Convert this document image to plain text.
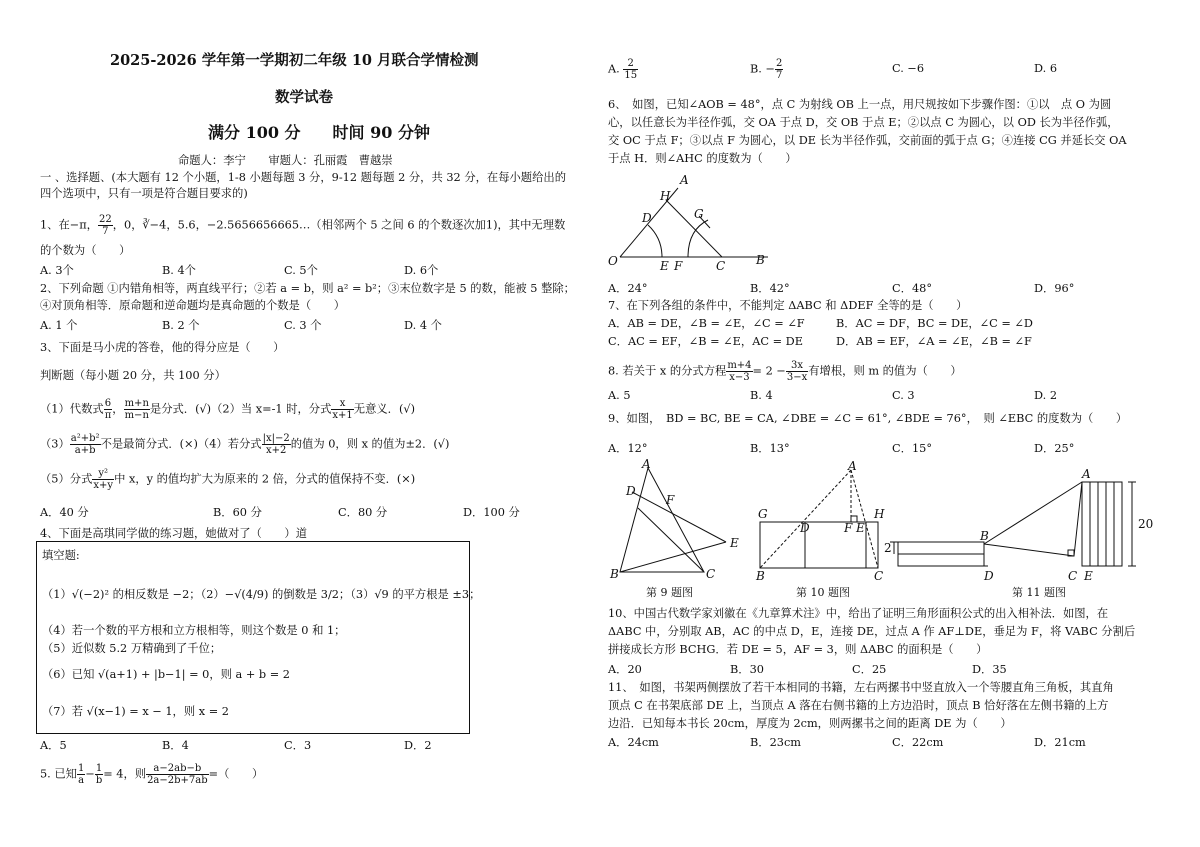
2025-2026 学年第一学期初二年级 10 月联合学情检测
数学试卷
满分 100 分　　时间 90 分钟
命题人：李宁　　审题人：孔丽霞　曹越崇
一 、选择题、(本大题有 12 个小题，1-8 小题每题 3 分，9-12 题每题 2 分，共 32 分，在每小题给出的
四个选项中，只有一项是符合题目要求的)
1、在−π， $\frac{22}{7}$ ，0，∛−4，5.6，−2.5656656665…（相邻两个 5 之间 6 的个数逐次加1)，其中无理数
的个数为（　　）
A. 3个	B. 4个	C. 5个	D. 6个
2、下列命题 ①内错角相等，两直线平行；②若 a = b，则 a² = b²；③末位数字是 5 的数，能被 5 整除；
④对顶角相等．原命题和逆命题均是真命题的个数是（　　）
A. 1 个	B. 2 个	C. 3 个	D. 4 个
3、下面是马小虎的答卷，他的得分应是（　　）
判断题（每小题 20 分，共 100 分）
（1）代数式 $\frac{6}{\pi}$ ， $\frac{m+n}{m-n}$ 是分式．(√)（2）当 x=-1 时，分式 $\frac{x}{x+1}$ 无意义．(√)
$(3) \frac{\text{a²+b²}}{a+b}$ 不是最简分式．(×)（4）若分式 $\frac{|x|-2}{x+2}$ 的值为 0，则 x 的值为±2．(√)
（5）分式 $\frac{\text{y²}}{x+y}$ 中 x，y 的值均扩大为原来的 2 倍，分式的值保持不变．(×)
A．40 分	B．60 分	C．80 分	D．100 分
4、下面是高琪同学做的练习题，她做对了（　　）道
填空题:
（1）√(−2)² 的相反数是 −2；（2）−√(4/9) 的倒数是 3/2；（3）√9 的平方根是 ±3；
（4）若一个数的平方根和立方根相等，则这个数是 0 和 1；
（5）近似数 5.2 万精确到了千位；
（6）已知 √(a+1) + |b−1| = 0，则 a + b = 2
（7）若 √(x−1) = x − 1，则 x = 2
A．5	B．4	C．3	D．2
5. 已知 $\frac{1}{a} - \frac{1}{b} = 4$，则 $\frac{a-2ab-b}{2a-2b+7ab}$ =（　　）
A. $\frac{2}{15}$	B. − $\frac{2}{7}$	C. −6	D. 6
6、　如图，已知∠AOB = 48°，点 C 为射线 OB 上一点，用尺规按如下步骤作图：①以　点 O 为圆
心，以任意长为半径作弧，交 OA 于点 D，交 OB 于点 E；②以点 C 为圆心，以 OD 长为半径作弧，
交 OC 于点 F；③以点 F 为圆心，以 DE 长为半径作弧，交前面的弧于点 G；④连接 CG 并延长交 OA
于点 H．则∠AHC 的度数为（　　）
A
H
D	G
O	E F	C	B
A．24°	B．42°	C．48°	D．96°
7、在下列各组的条件中，不能判定 ΔABC 和 ΔDEF 全等的是（　　）
A．AB = DE，∠B = ∠E，∠C = ∠F	B．AC = DF，BC = DE，∠C = ∠D
C．AC = EF，∠B = ∠E，AC = DE	D．AB = EF，∠A = ∠E，∠B = ∠F
8. 若关于 x 的分式方程 $\frac{m+4}{x-3} = 2 - \frac{3x}{3-x}$ 有增根，则 m 的值为（　　）
A. 5	B. 4	C. 3	D. 2
9、如图，　BD = BC, BE = CA, ∠DBE = ∠C = 61°, ∠BDE = 76°，　则 ∠EBC 的度数为（　　）
A．12°	B．13°	C．15°	D．25°
A
D
F
E
B	C
A
G
D	F E
H
B	C
A
B
D	C E
2
20
第 9 题图	第 10 题图	第 11 题图
10、中国古代数学家刘徽在《九章算术注》中，给出了证明三角形面积公式的出入相补法．如图，在
ΔABC 中，分别取 AB，AC 的中点 D，E，连接 DE，过点 A 作 AF⊥DE，垂足为 F，将 VABC 分割后
拼接成长方形 BCHG．若 DE = 5，AF = 3，则 ΔABC 的面积是（　　）
A．20	B．30	C．25	D．35
11、　如图，书架两侧摆放了若干本相同的书籍，左右两摞书中竖直放入一个等腰直角三角板，其直角
顶点 C 在书架底部 DE 上，当顶点 A 落在右侧书籍的上方边沿时，顶点 B 恰好落在左侧书籍的上方
边沿．已知每本书长 20cm，厚度为 2cm，则两摞书之间的距离 DE 为（　　）
A．24cm	B．23cm	C．22cm	D．21cm
